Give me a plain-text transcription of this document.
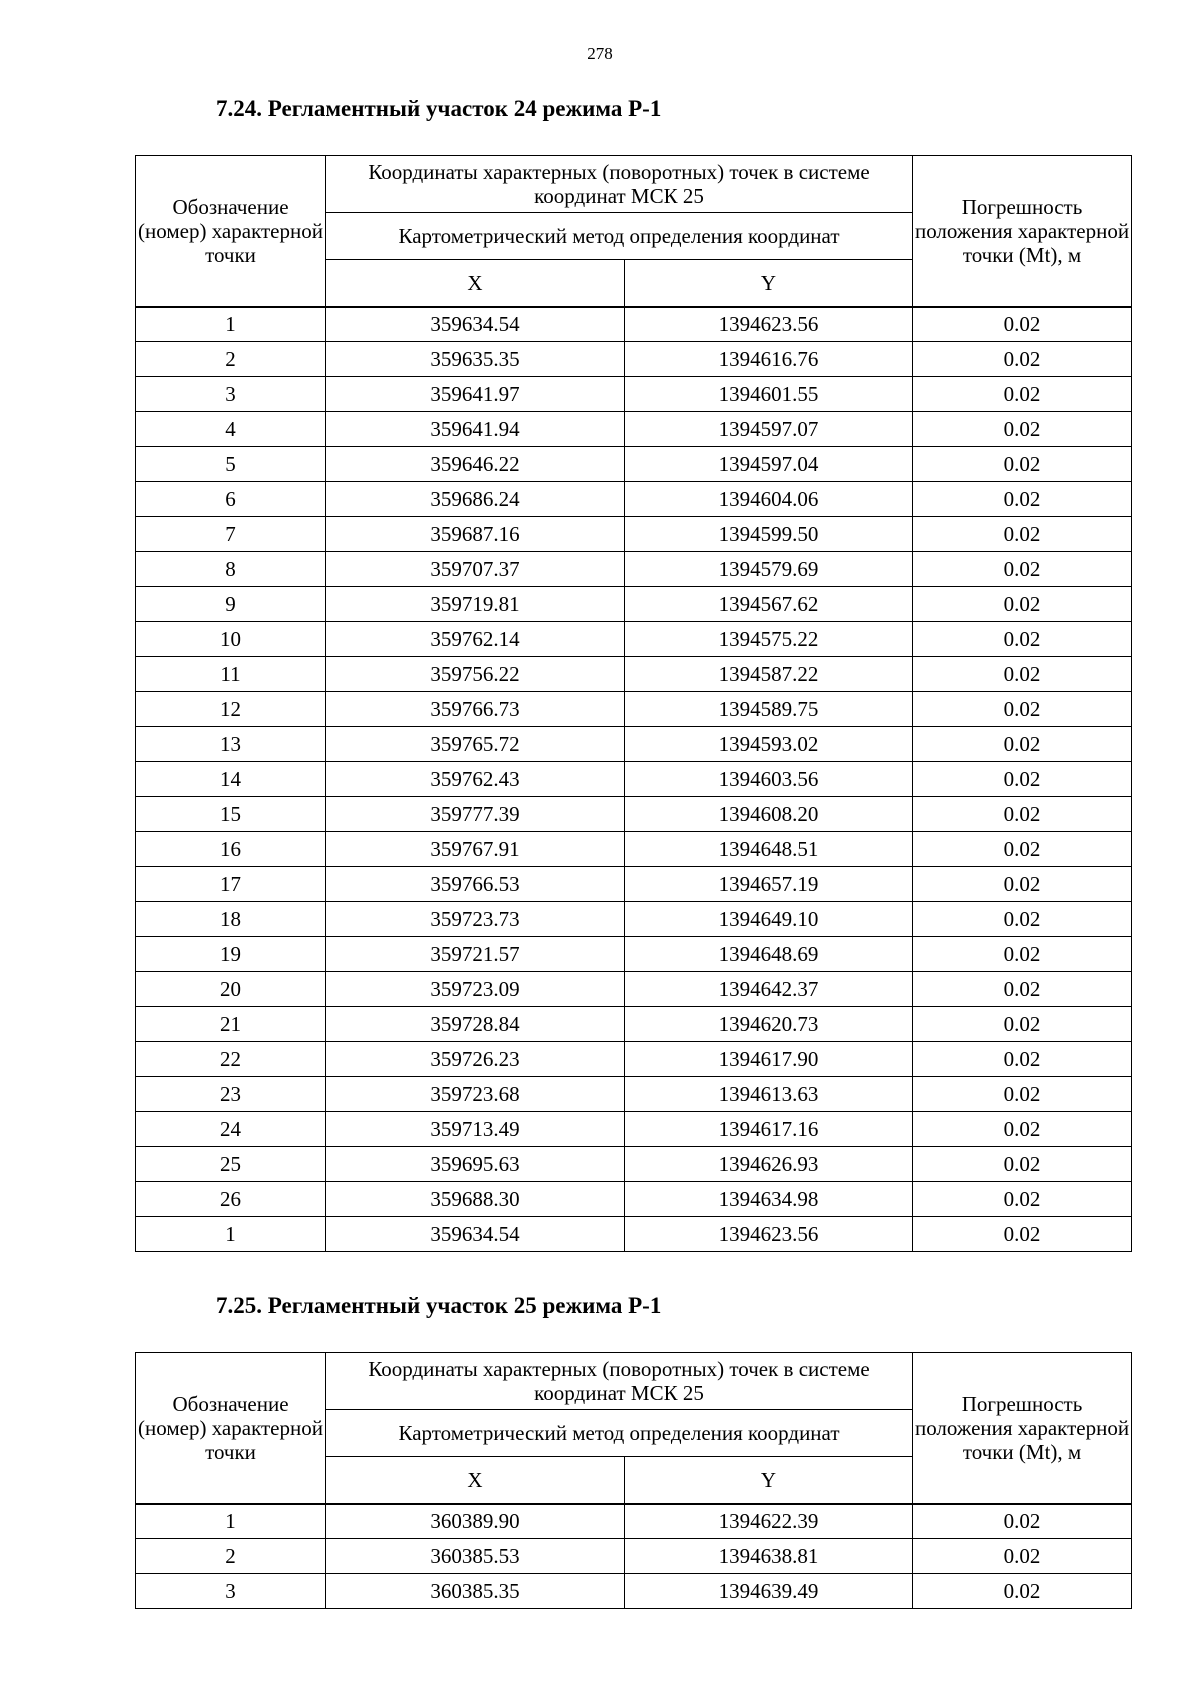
278
7.24. Регламентный участок 24 режима Р-1
Обозначение (номер) характерной точки	Координаты характерных (поворотных) точек в системе координат МСК 25		Погрешность положения характерной точки (Mt), м
	Картометрический метод определения координат		
	X	Y	
1	359634.54	1394623.56	0.02
2	359635.35	1394616.76	0.02
3	359641.97	1394601.55	0.02
4	359641.94	1394597.07	0.02
5	359646.22	1394597.04	0.02
6	359686.24	1394604.06	0.02
7	359687.16	1394599.50	0.02
8	359707.37	1394579.69	0.02
9	359719.81	1394567.62	0.02
10	359762.14	1394575.22	0.02
11	359756.22	1394587.22	0.02
12	359766.73	1394589.75	0.02
13	359765.72	1394593.02	0.02
14	359762.43	1394603.56	0.02
15	359777.39	1394608.20	0.02
16	359767.91	1394648.51	0.02
17	359766.53	1394657.19	0.02
18	359723.73	1394649.10	0.02
19	359721.57	1394648.69	0.02
20	359723.09	1394642.37	0.02
21	359728.84	1394620.73	0.02
22	359726.23	1394617.90	0.02
23	359723.68	1394613.63	0.02
24	359713.49	1394617.16	0.02
25	359695.63	1394626.93	0.02
26	359688.30	1394634.98	0.02
1	359634.54	1394623.56	0.02
7.25. Регламентный участок 25 режима Р-1
Обозначение (номер) характерной точки	Координаты характерных (поворотных) точек в системе координат МСК 25		Погрешность положения характерной точки (Mt), м
	Картометрический метод определения координат		
	X	Y	
1	360389.90	1394622.39	0.02
2	360385.53	1394638.81	0.02
3	360385.35	1394639.49	0.02
